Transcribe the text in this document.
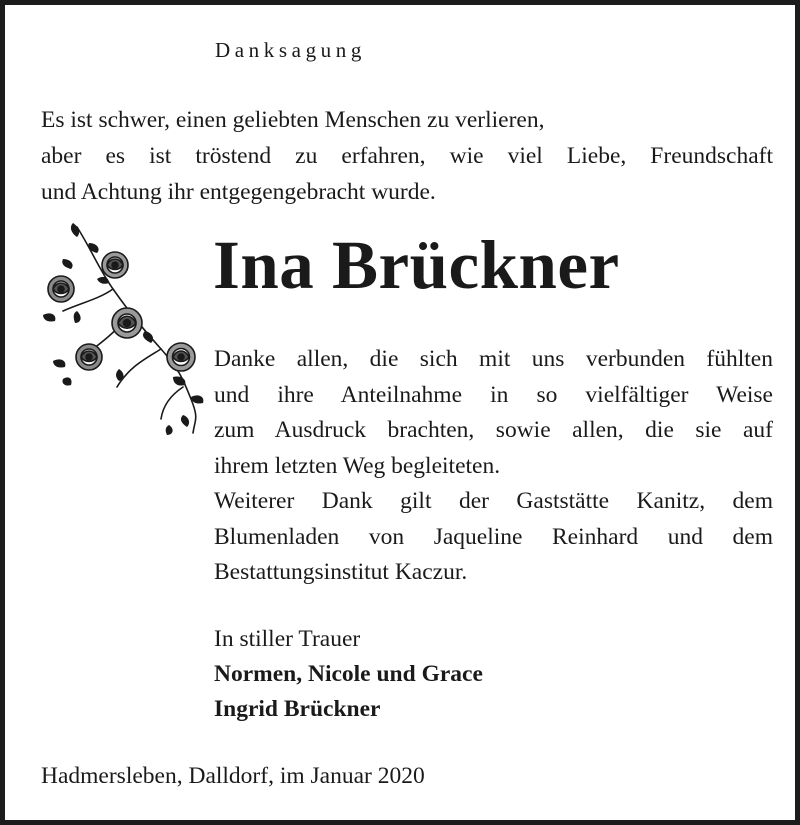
Danksagung
Es ist schwer, einen geliebten Menschen zu verlieren,
aber es ist tröstend zu erfahren, wie viel Liebe, Freundschaft
und Achtung ihr entgegengebracht wurde.
Ina Brückner
Danke allen, die sich mit uns verbunden fühlten
und ihre Anteilnahme in so vielfältiger Weise
zum Ausdruck brachten, sowie allen, die sie auf
ihrem letzten Weg begleiteten.
Weiterer Dank gilt der Gaststätte Kanitz, dem
Blumenladen von Jaqueline Reinhard und dem
Bestattungsinstitut Kaczur.
In stiller Trauer
Normen, Nicole und Grace
Ingrid Brückner
Hadmersleben, Dalldorf, im Januar 2020
